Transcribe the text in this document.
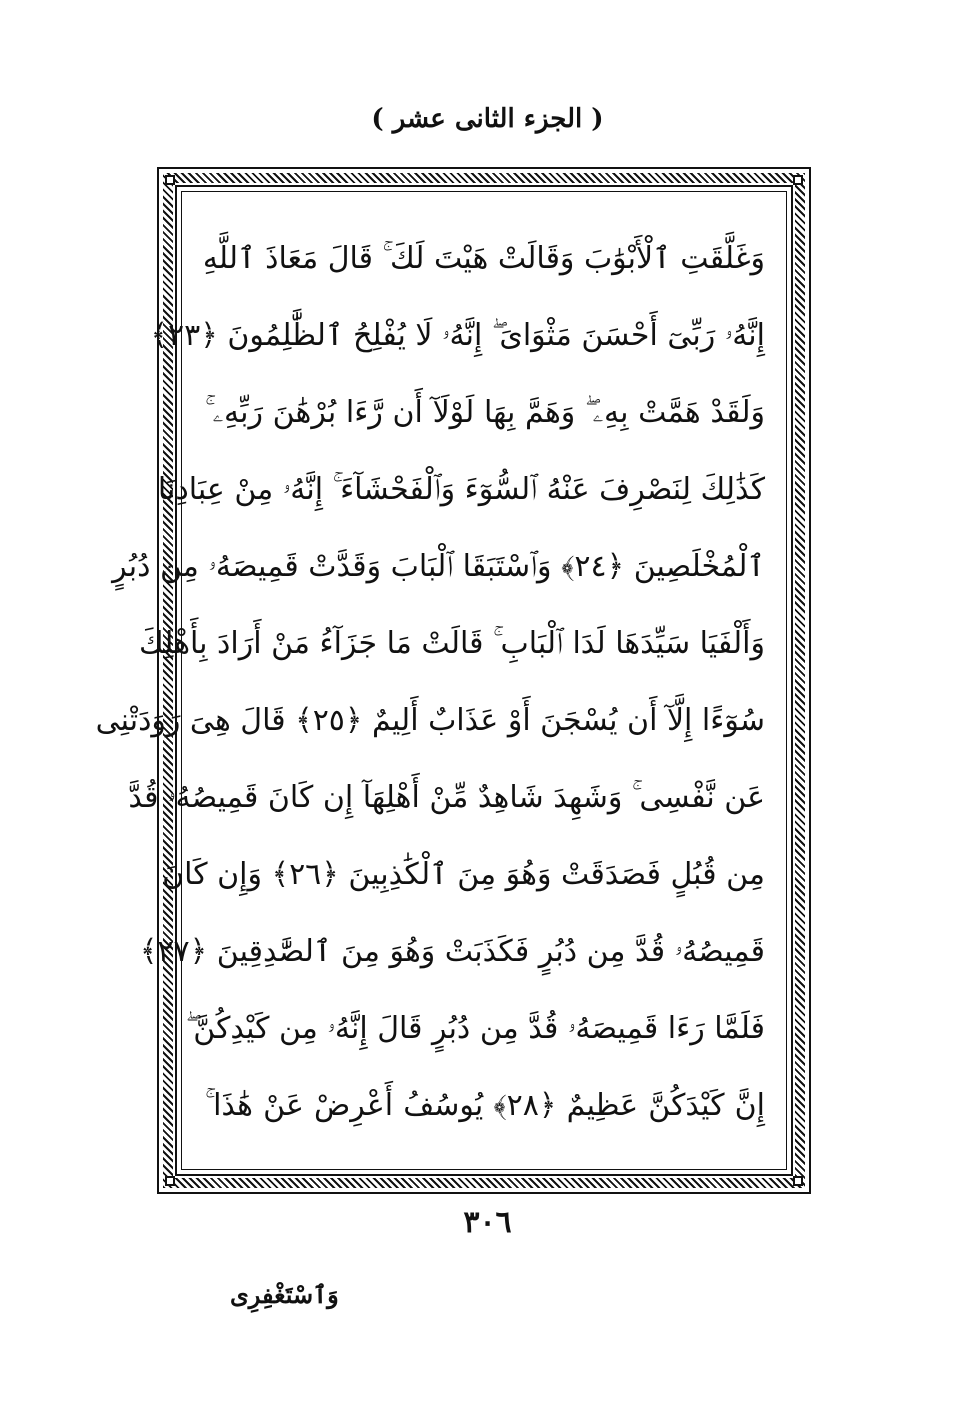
( الجزء الثانى عشر )
وَغَلَّقَتِ ٱلْأَبْوَٰبَ وَقَالَتْ هَيْتَ لَكَ ۚ قَالَ مَعَاذَ ٱللَّهِ
إِنَّهُۥ رَبِّىٓ أَحْسَنَ مَثْوَاىَ ۖ إِنَّهُۥ لَا يُفْلِحُ ٱلظَّٰلِمُونَ ﴿٢٣﴾
وَلَقَدْ هَمَّتْ بِهِۦ ۖ وَهَمَّ بِهَا لَوْلَآ أَن رَّءَا بُرْهَٰنَ رَبِّهِۦ ۚ
كَذَٰلِكَ لِنَصْرِفَ عَنْهُ ٱلسُّوٓءَ وَٱلْفَحْشَآءَ ۚ إِنَّهُۥ مِنْ عِبَادِنَا
ٱلْمُخْلَصِينَ ﴿٢٤﴾ وَٱسْتَبَقَا ٱلْبَابَ وَقَدَّتْ قَمِيصَهُۥ مِن دُبُرٍ
وَأَلْفَيَا سَيِّدَهَا لَدَا ٱلْبَابِ ۚ قَالَتْ مَا جَزَآءُ مَنْ أَرَادَ بِأَهْلِكَ
سُوٓءًا إِلَّآ أَن يُسْجَنَ أَوْ عَذَابٌ أَلِيمٌ ﴿٢٥﴾ قَالَ هِىَ رَٰوَدَتْنِى
عَن نَّفْسِى ۚ وَشَهِدَ شَاهِدٌ مِّنْ أَهْلِهَآ إِن كَانَ قَمِيصُهُۥ قُدَّ
مِن قُبُلٍ فَصَدَقَتْ وَهُوَ مِنَ ٱلْكَٰذِبِينَ ﴿٢٦﴾ وَإِن كَانَ
قَمِيصُهُۥ قُدَّ مِن دُبُرٍ فَكَذَبَتْ وَهُوَ مِنَ ٱلصَّٰدِقِينَ ﴿٢٧﴾
فَلَمَّا رَءَا قَمِيصَهُۥ قُدَّ مِن دُبُرٍ قَالَ إِنَّهُۥ مِن كَيْدِكُنَّ ۖ
إِنَّ كَيْدَكُنَّ عَظِيمٌ ﴿٢٨﴾ يُوسُفُ أَعْرِضْ عَنْ هَٰذَا ۚ
٣٠٦
وَٱسْتَغْفِرِى
